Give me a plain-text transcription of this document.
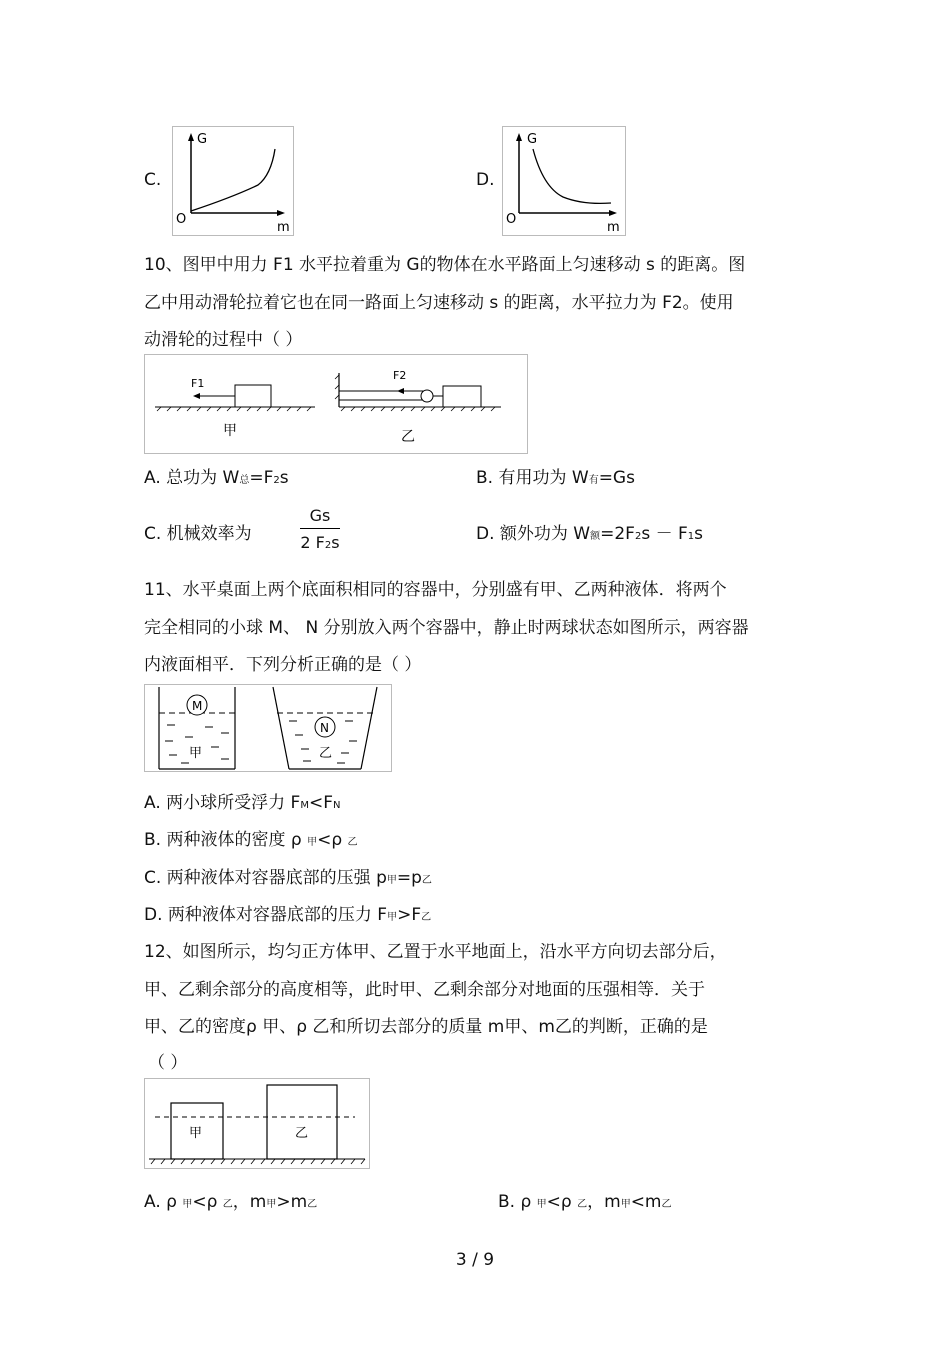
C.
G
O
m
D.
G
O
m
10、图甲中用力 F1 水平拉着重为 G的物体在水平路面上匀速移动 s 的距离。图
乙中用动滑轮拉着它也在同一路面上匀速移动 s 的距离，水平拉力为 F2。使用
动滑轮的过程中（ ）
F1
甲
F2
乙
A. 总功为 W总=F2s	B. 有用功为 W有=Gs
C. 机械效率为
Gs
2 F2s	D. 额外功为 W额=2F2s － F1s
11、水平桌面上两个底面积相同的容器中，分别盛有甲、乙两种液体．将两个
完全相同的小球 M、 N 分别放入两个容器中，静止时两球状态如图所示，两容器
内液面相平．下列分析正确的是（ ）
M
甲
N
乙
A. 两小球所受浮力 FM<FN
B. 两种液体的密度 ρ 甲<ρ 乙
C. 两种液体对容器底部的压强 p甲=p乙
D. 两种液体对容器底部的压力 F甲>F乙
12、如图所示，均匀正方体甲、乙置于水平地面上，沿水平方向切去部分后，
甲、乙剩余部分的高度相等，此时甲、乙剩余部分对地面的压强相等．关于
甲、乙的密度ρ 甲、ρ 乙和所切去部分的质量 m甲、m乙的判断，正确的是
（ ）
甲	乙
A. ρ 甲<ρ 乙，m甲>m乙	B. ρ 甲<ρ 乙，m甲<m乙
3 / 9
